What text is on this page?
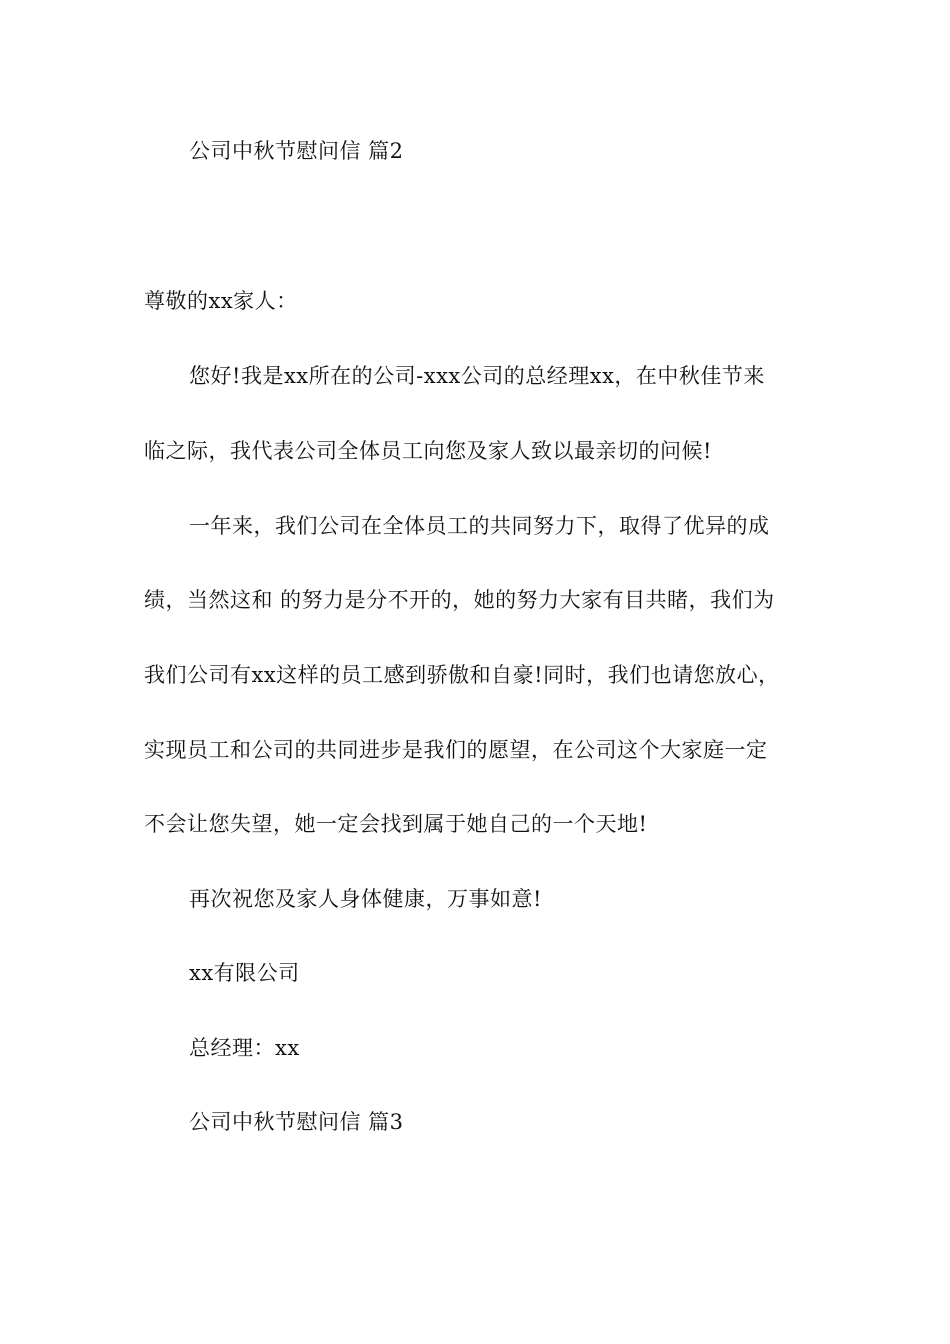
公司中秋节慰问信 篇2
尊敬的xx家人：
您好!我是xx所在的公司-xxx公司的总经理xx，在中秋佳节来
临之际，我代表公司全体员工向您及家人致以最亲切的问候!
一年来，我们公司在全体员工的共同努力下，取得了优异的成
绩，当然这和 的努力是分不开的，她的努力大家有目共睹，我们为
我们公司有xx这样的员工感到骄傲和自豪!同时，我们也请您放心，
实现员工和公司的共同进步是我们的愿望，在公司这个大家庭一定
不会让您失望，她一定会找到属于她自己的一个天地!
再次祝您及家人身体健康，万事如意!
xx有限公司
总经理：xx
公司中秋节慰问信 篇3
